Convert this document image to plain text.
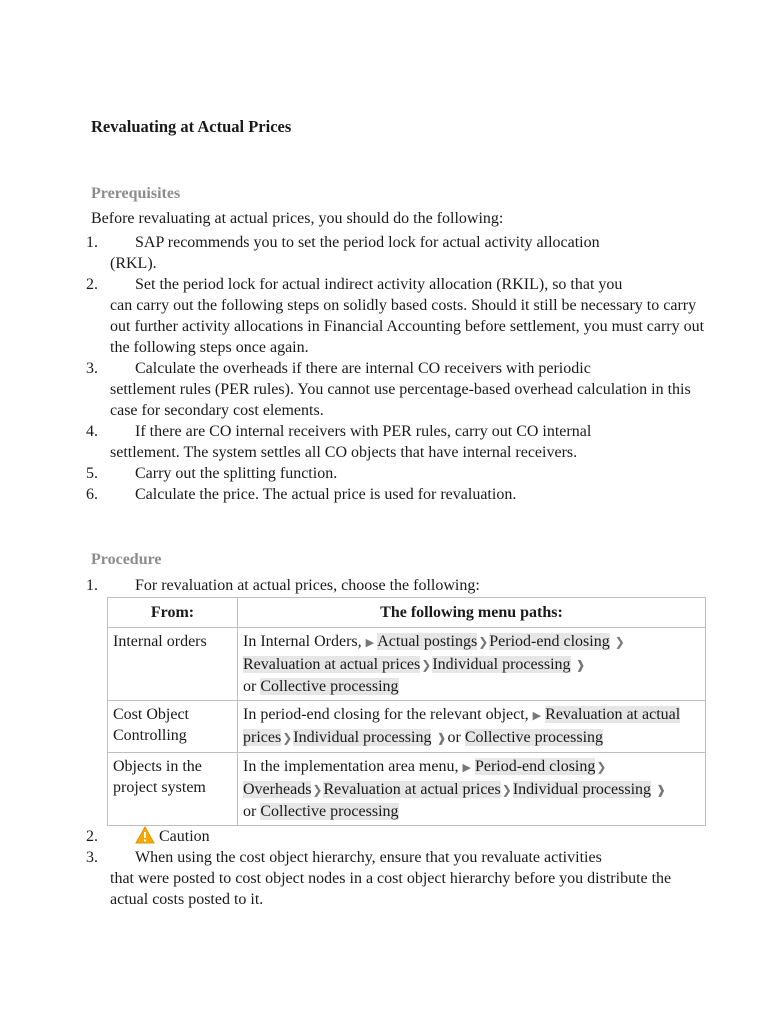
Revaluating at Actual Prices
Prerequisites
Before revaluating at actual prices, you should do the following:
1. SAP recommends you to set the period lock for actual activity allocation
(RKL).
2. Set the period lock for actual indirect activity allocation (RKIL), so that you
can carry out the following steps on solidly based costs. Should it still be necessary to carry out further activity allocations in Financial Accounting before settlement, you must carry out the following steps once again.
3. Calculate the overheads if there are internal CO receivers with periodic
settlement rules (PER rules). You cannot use percentage-based overhead calculation in this case for secondary cost elements.
4. If there are CO internal receivers with PER rules, carry out CO internal
settlement. The system settles all CO objects that have internal receivers.
5. Carry out the splitting function.
6. Calculate the price. The actual price is used for revaluation.
Procedure
1. For revaluation at actual prices, choose the following:
From:	The following menu paths:
Internal orders	In Internal Orders, ▶ Actual postings❯Period-end closing ❯
Revaluation at actual prices❯Individual processing ❱
or Collective processing
Cost Object Controlling	In period-end closing for the relevant object, ▶ Revaluation at actual prices❯Individual processing ❱or Collective processing
Objects in the project system	In the implementation area menu, ▶ Period-end closing❯
Overheads❯Revaluation at actual prices❯Individual processing ❱
or Collective processing
2.	Caution
3. When using the cost object hierarchy, ensure that you revaluate activities
that were posted to cost object nodes in a cost object hierarchy before you distribute the actual costs posted to it.
